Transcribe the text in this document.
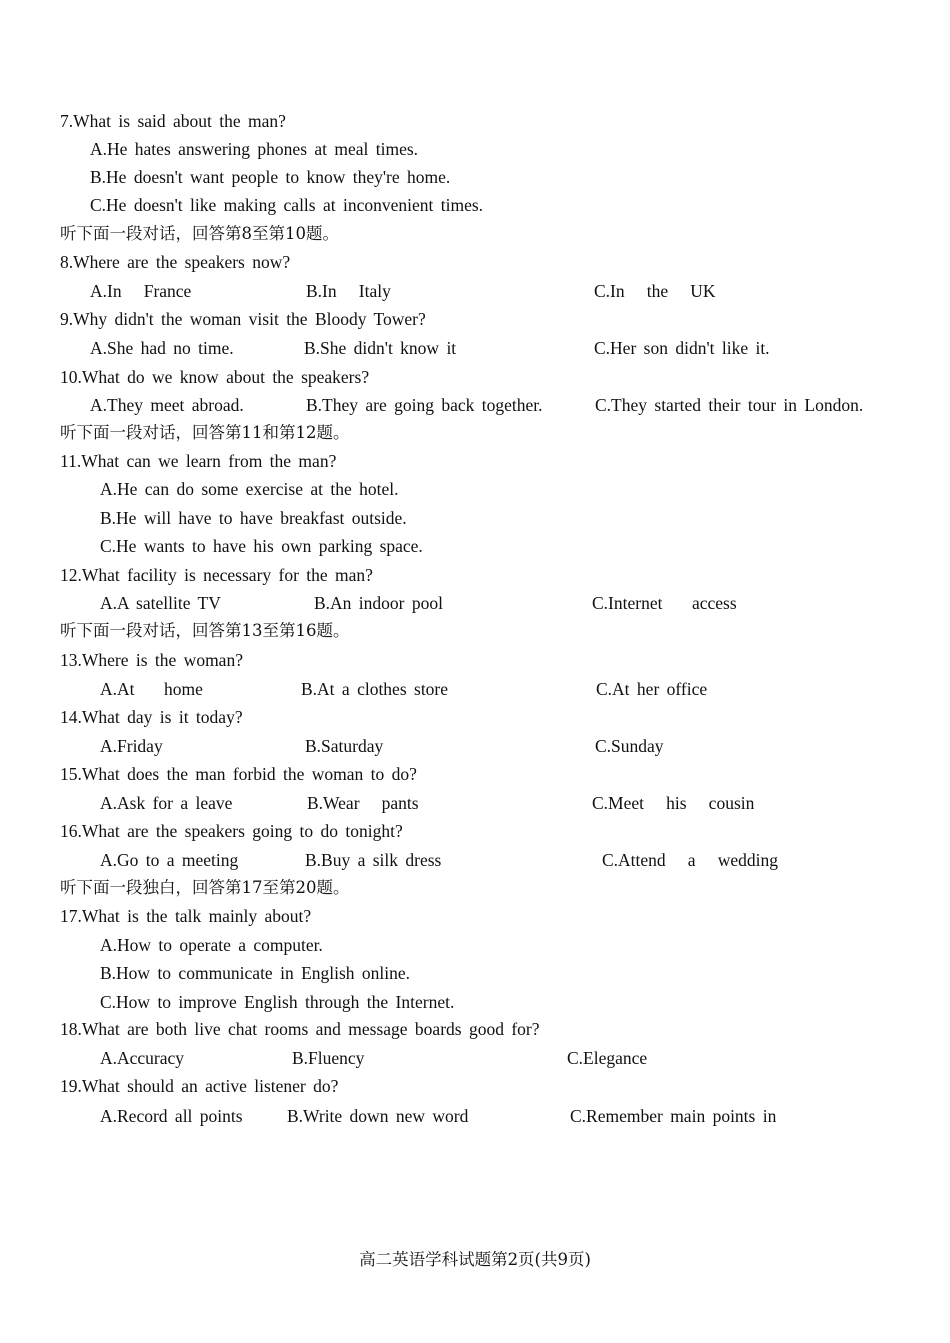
7.What is said about the man?
A.He hates answering phones at meal times.
B.He doesn't want people to know they're home.
C.He doesn't like making calls at inconvenient times.
听下面一段对话，回答第8至第10题。
8.Where are the speakers now?
A.In   France	B.In   Italy	C.In   the   UK
9.Why didn't the woman visit the Bloody Tower?
A.She had no time.	B.She didn't know it	C.Her son didn't like it.
10.What do we know about the speakers?
A.They meet abroad.	B.They are going back together.	C.They started their tour in London.
听下面一段对话，回答第11和第12题。
11.What can we learn from the man?
A.He can do some exercise at the hotel.
B.He will have to have breakfast outside.
C.He wants to have his own parking space.
12.What facility is necessary for the man?
A.A satellite TV	B.An indoor pool	C.Internet    access
听下面一段对话，回答第13至第16题。
13.Where is the woman?
A.At    home	B.At a clothes store	C.At her office
14.What day is it today?
A.Friday	B.Saturday	C.Sunday
15.What does the man forbid the woman to do?
A.Ask for a leave	B.Wear   pants	C.Meet   his   cousin
16.What are the speakers going to do tonight?
A.Go to a meeting	B.Buy a silk dress	C.Attend   a   wedding
听下面一段独白，回答第17至第20题。
17.What is the talk mainly about?
A.How to operate a computer.
B.How to communicate in English online.
C.How to improve English through the Internet.
18.What are both live chat rooms and message boards good for?
A.Accuracy	B.Fluency	C.Elegance
19.What should an active listener do?
A.Record all points	B.Write down new word	C.Remember main points in
高二英语学科试题第2页(共9页)
